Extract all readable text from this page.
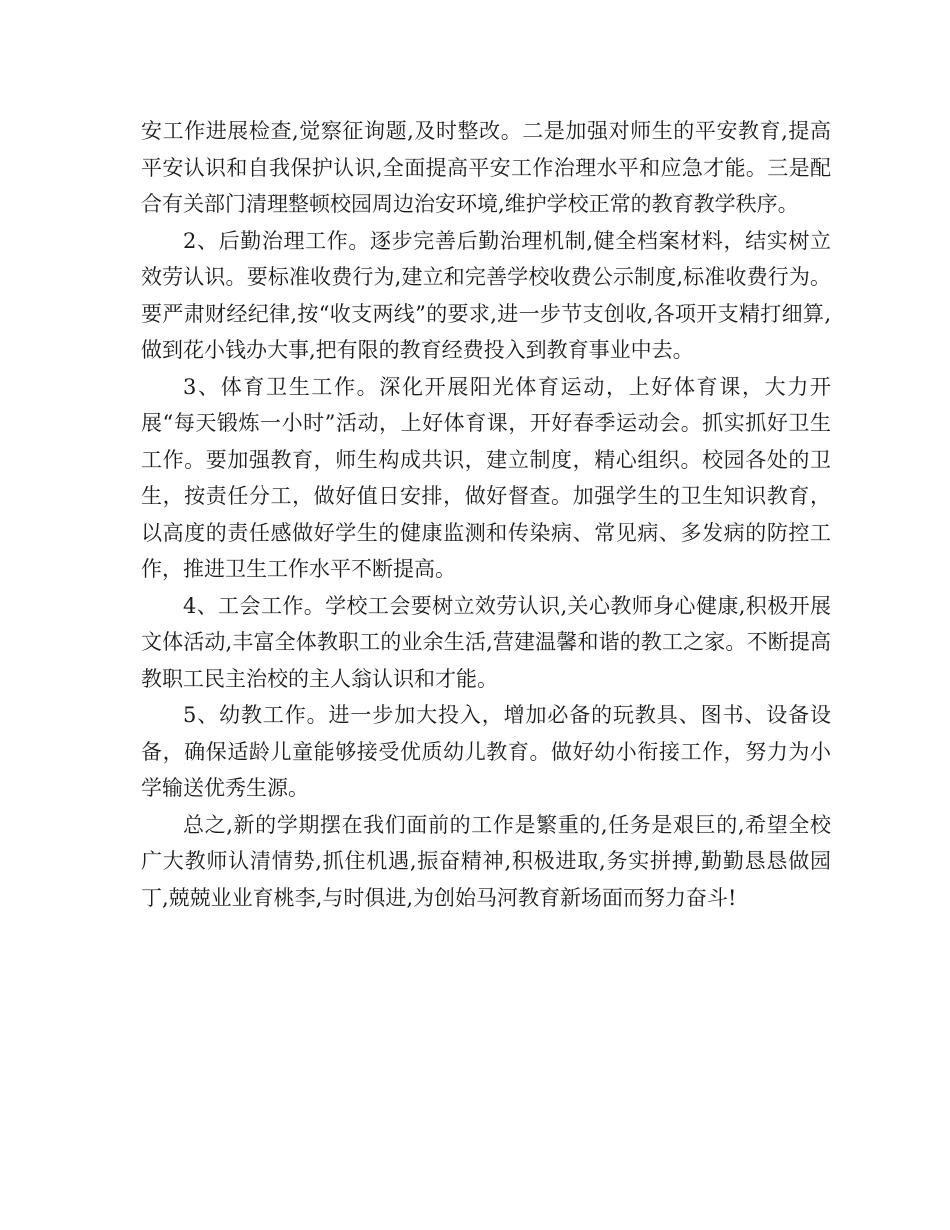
安工作进展检查,觉察征询题,及时整改。二是加强对师生的平安教育,提高平安认识和自我保护认识,全面提高平安工作治理水平和应急才能。三是配合有关部门清理整顿校园周边治安环境,维护学校正常的教育教学秩序。

2、后勤治理工作。逐步完善后勤治理机制,健全档案材料，结实树立效劳认识。要标准收费行为,建立和完善学校收费公示制度,标准收费行为。要严肃财经纪律,按“收支两线”的要求,进一步节支创收,各项开支精打细算,做到花小钱办大事,把有限的教育经费投入到教育事业中去。

3、体育卫生工作。深化开展阳光体育运动，上好体育课，大力开展“每天锻炼一小时”活动，上好体育课，开好春季运动会。抓实抓好卫生工作。要加强教育，师生构成共识，建立制度，精心组织。校园各处的卫生，按责任分工，做好值日安排，做好督查。加强学生的卫生知识教育，以高度的责任感做好学生的健康监测和传染病、常见病、多发病的防控工作，推进卫生工作水平不断提高。

4、工会工作。学校工会要树立效劳认识,关心教师身心健康,积极开展文体活动,丰富全体教职工的业余生活,营建温馨和谐的教工之家。不断提高教职工民主治校的主人翁认识和才能。

5、幼教工作。进一步加大投入，增加必备的玩教具、图书、设备设备，确保适龄儿童能够接受优质幼儿教育。做好幼小衔接工作，努力为小学输送优秀生源。

总之,新的学期摆在我们面前的工作是繁重的,任务是艰巨的,希望全校广大教师认清情势,抓住机遇,振奋精神,积极进取,务实拼搏,勤勤恳恳做园丁,兢兢业业育桃李,与时俱进,为创始马河教育新场面而努力奋斗!
